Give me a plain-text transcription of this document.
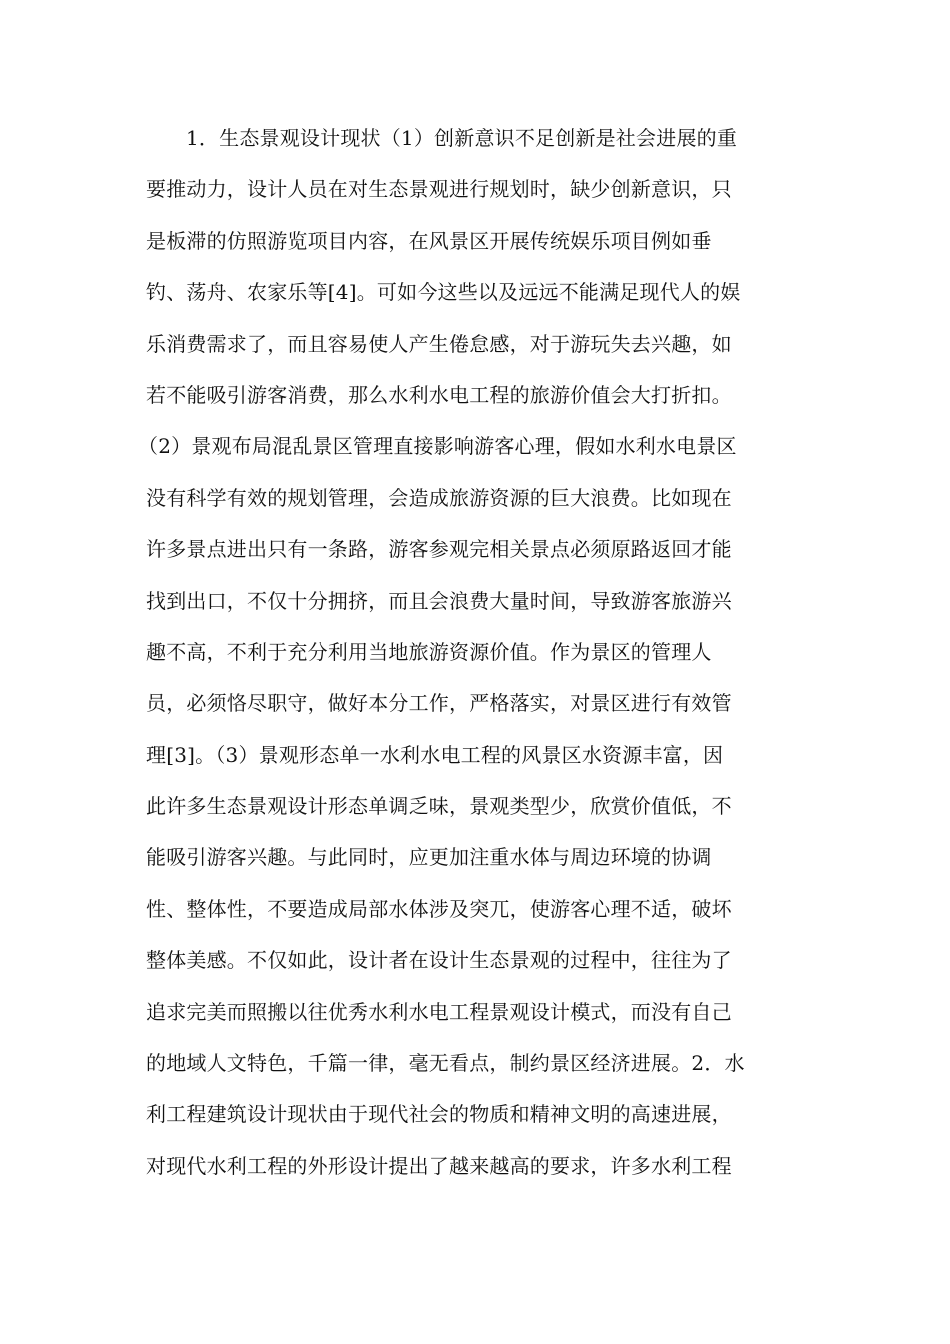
1．生态景观设计现状（1）创新意识不足创新是社会进展的重
要推动力，设计人员在对生态景观进行规划时，缺少创新意识，只
是板滞的仿照游览项目内容，在风景区开展传统娱乐项目例如垂
钓、荡舟、农家乐等[4]。可如今这些以及远远不能满足现代人的娱
乐消费需求了，而且容易使人产生倦怠感，对于游玩失去兴趣，如
若不能吸引游客消费，那么水利水电工程的旅游价值会大打折扣。
（2）景观布局混乱景区管理直接影响游客心理，假如水利水电景区
没有科学有效的规划管理，会造成旅游资源的巨大浪费。比如现在
许多景点进出只有一条路，游客参观完相关景点必须原路返回才能
找到出口，不仅十分拥挤，而且会浪费大量时间，导致游客旅游兴
趣不高，不利于充分利用当地旅游资源价值。作为景区的管理人
员，必须恪尽职守，做好本分工作，严格落实，对景区进行有效管
理[3]。（3）景观形态单一水利水电工程的风景区水资源丰富，因
此许多生态景观设计形态单调乏味，景观类型少，欣赏价值低，不
能吸引游客兴趣。与此同时，应更加注重水体与周边环境的协调
性、整体性，不要造成局部水体涉及突兀，使游客心理不适，破坏
整体美感。不仅如此，设计者在设计生态景观的过程中，往往为了
追求完美而照搬以往优秀水利水电工程景观设计模式，而没有自己
的地域人文特色，千篇一律，毫无看点，制约景区经济进展。2．水
利工程建筑设计现状由于现代社会的物质和精神文明的高速进展，
对现代水利工程的外形设计提出了越来越高的要求，许多水利工程
